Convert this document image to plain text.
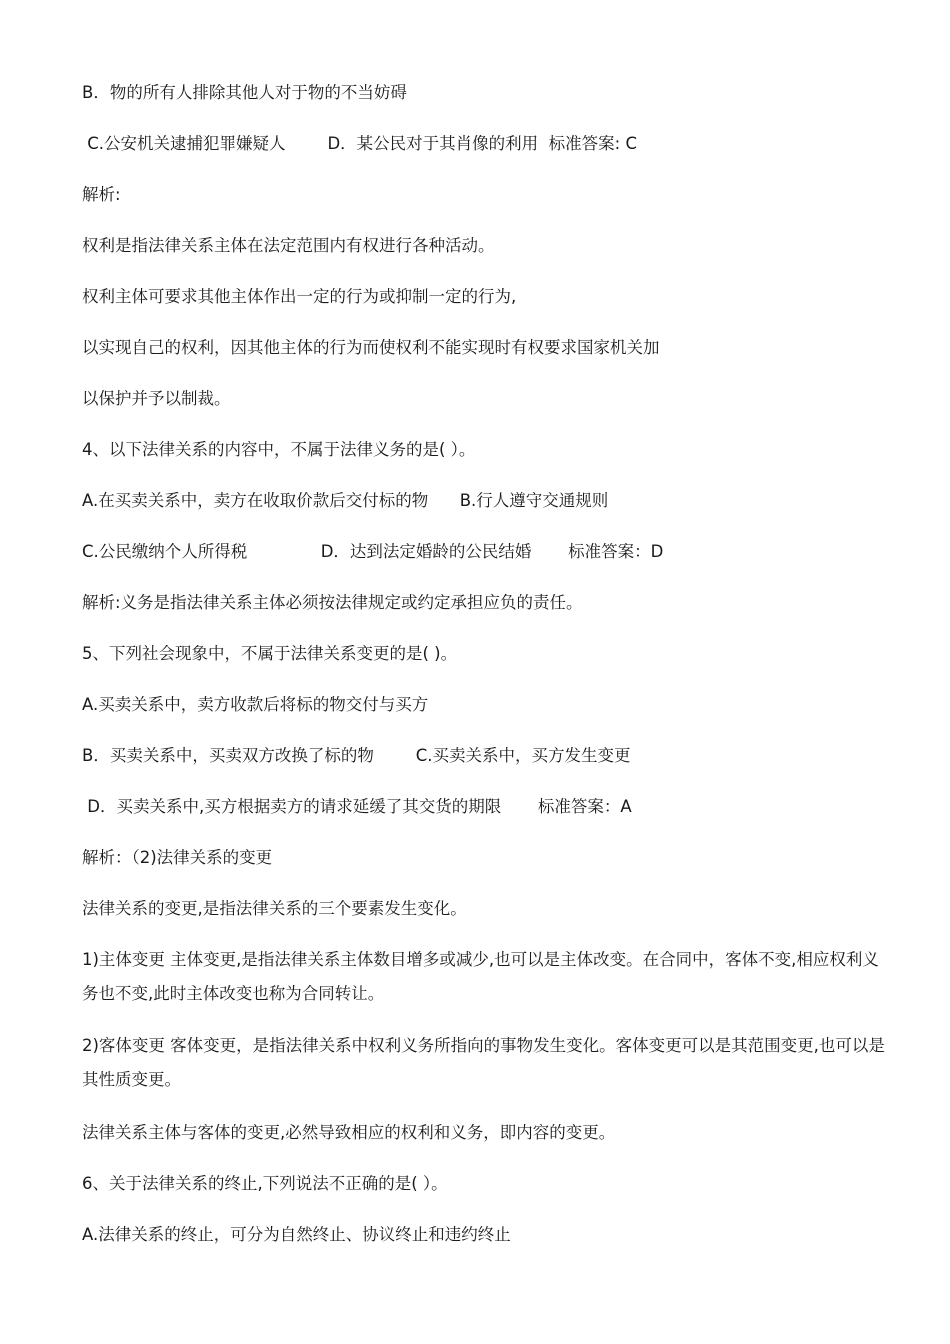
B．物的所有人排除其他人对于物的不当妨碍

C.公安机关逮捕犯罪嫌疑人        D．某公民对于其肖像的利用  标准答案: C

解析:

权利是指法律关系主体在法定范围内有权进行各种活动。

权利主体可要求其他主体作出一定的行为或抑制一定的行为,

以实现自己的权利，因其他主体的行为而使权利不能实现时有权要求国家机关加

以保护并予以制裁。

4、以下法律关系的内容中，不属于法律义务的是( ）。

A.在买卖关系中，卖方在收取价款后交付标的物      B.行人遵守交通规则

C.公民缴纳个人所得税              D．达到法定婚龄的公民结婚       标准答案：D

解析:义务是指法律关系主体必须按法律规定或约定承担应负的责任。

5、下列社会现象中，不属于法律关系变更的是( )。

A.买卖关系中，卖方收款后将标的物交付与买方

B．买卖关系中，买卖双方改换了标的物        C.买卖关系中，买方发生变更

D．买卖关系中,买方根据卖方的请求延缓了其交货的期限       标准答案：A

解析：（2)法律关系的变更

法律关系的变更,是指法律关系的三个要素发生变化。

1)主体变更 主体变更,是指法律关系主体数目增多或减少,也可以是主体改变。在合同中，客体不变,相应权利义务也不变,此时主体改变也称为合同转让。

2)客体变更 客体变更，是指法律关系中权利义务所指向的事物发生变化。客体变更可以是其范围变更,也可以是其性质变更。

法律关系主体与客体的变更,必然导致相应的权利和义务，即内容的变更。

6、关于法律关系的终止,下列说法不正确的是( ）。

A.法律关系的终止，可分为自然终止、协议终止和违约终止
